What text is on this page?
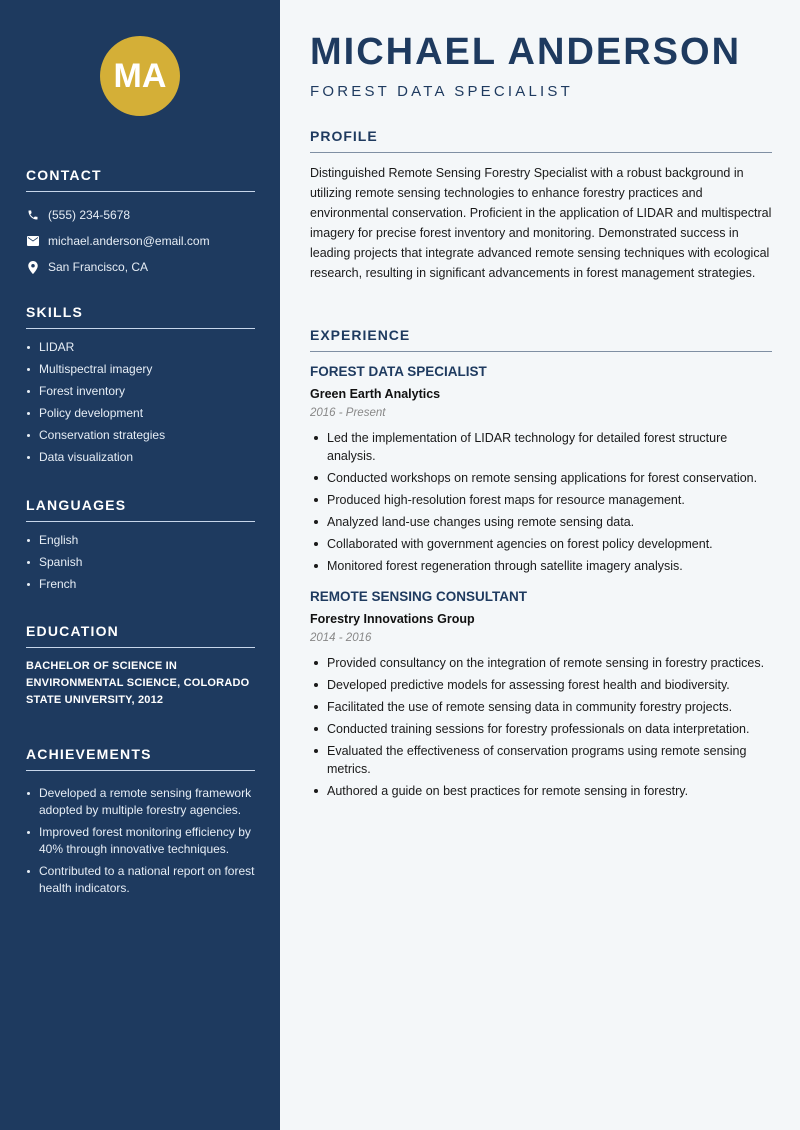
MA
CONTACT
(555) 234-5678
michael.anderson@email.com
San Francisco, CA
SKILLS
LIDAR
Multispectral imagery
Forest inventory
Policy development
Conservation strategies
Data visualization
LANGUAGES
English
Spanish
French
EDUCATION

BACHELOR OF SCIENCE IN ENVIRONMENTAL SCIENCE, COLORADO STATE UNIVERSITY, 2012

ACHIEVEMENTS
Developed a remote sensing framework adopted by multiple forestry agencies.
Improved forest monitoring efficiency by 40% through innovative techniques.
Contributed to a national report on forest health indicators.
MICHAEL ANDERSON
FOREST DATA SPECIALIST
PROFILE

Distinguished Remote Sensing Forestry Specialist with a robust background in utilizing remote sensing technologies to enhance forestry practices and environmental conservation. Proficient in the application of LIDAR and multispectral imagery for precise forest inventory and monitoring. Demonstrated success in leading projects that integrate advanced remote sensing techniques with ecological research, resulting in significant advancements in forest management strategies.

EXPERIENCE
FOREST DATA SPECIALIST
Green Earth Analytics
2016 - Present
Led the implementation of LIDAR technology for detailed forest structure analysis.
Conducted workshops on remote sensing applications for forest conservation.
Produced high-resolution forest maps for resource management.
Analyzed land-use changes using remote sensing data.
Collaborated with government agencies on forest policy development.
Monitored forest regeneration through satellite imagery analysis.
REMOTE SENSING CONSULTANT
Forestry Innovations Group
2014 - 2016
Provided consultancy on the integration of remote sensing in forestry practices.
Developed predictive models for assessing forest health and biodiversity.
Facilitated the use of remote sensing data in community forestry projects.
Conducted training sessions for forestry professionals on data interpretation.
Evaluated the effectiveness of conservation programs using remote sensing metrics.
Authored a guide on best practices for remote sensing in forestry.
